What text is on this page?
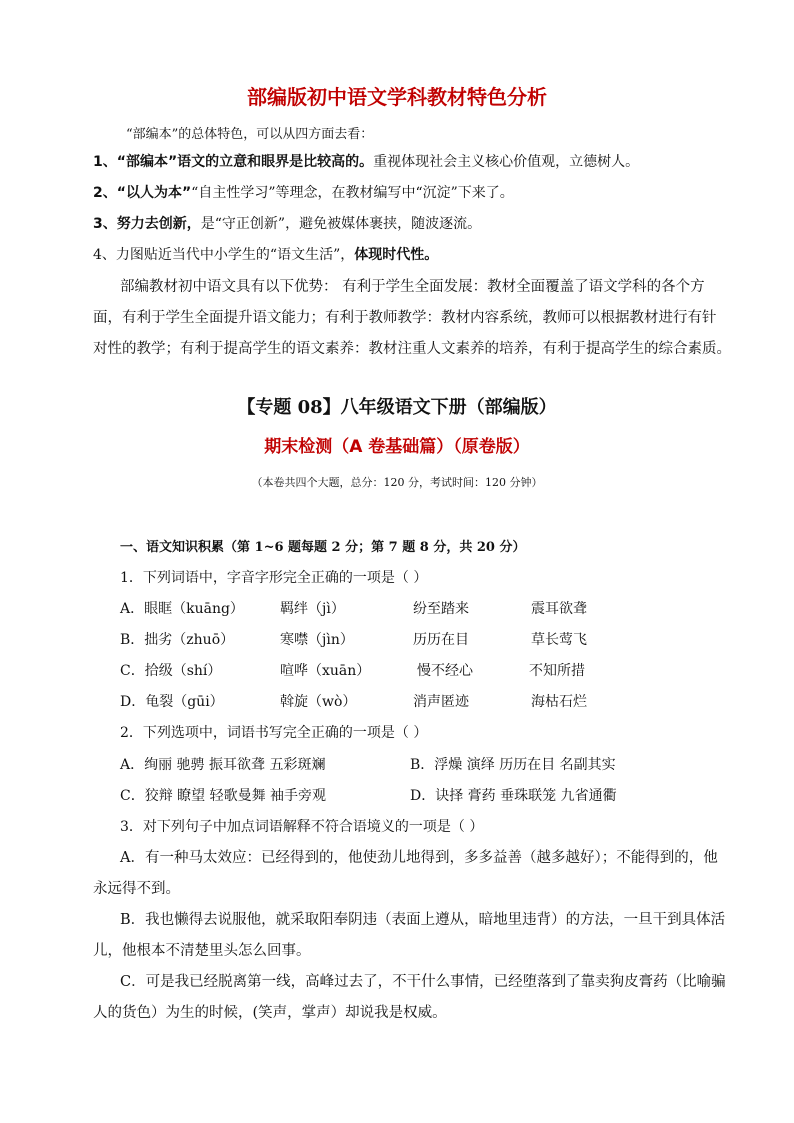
部编版初中语文学科教材特色分析
“部编本”的总体特色，可以从四方面去看：
1、“部编本”语文的立意和眼界是比较高的。重视体现社会主义核心价值观，立德树人。
2、“以人为本”“自主性学习”等理念，在教材编写中“沉淀”下来了。
3、努力去创新，是“守正创新”，避免被媒体裹挟，随波逐流。
4、力图贴近当代中小学生的“语文生活”，体现时代性。
部编教材初中语文具有以下优势： 有利于学生全面发展：教材全面覆盖了语文学科的各个方
面，有利于学生全面提升语文能力；有利于教师教学：教材内容系统，教师可以根据教材进行有针
对性的教学；有利于提高学生的语文素养：教材注重人文素养的培养，有利于提高学生的综合素质。
【专题 08】八年级语文下册（部编版）
期末检测（A 卷基础篇）（原卷版）
（本卷共四个大题，总分：120 分，考试时间：120 分钟）
一、语文知识积累（第 1~6 题每题 2 分；第 7 题 8 分，共 20 分）
1．下列词语中，字音字形完全正确的一项是（ ）
A．眼眶（kuāng）	羁绊（jì）	纷至踏来	震耳欲聋
B．拙劣（zhuō）	寒噤（jìn）	历历在目	草长莺飞
C．拾级（shí）	喧哗（xuān）	慢不经心	不知所措
D．龟裂（gūi）	斡旋（wò）	消声匿迹	海枯石烂
2．下列选项中，词语书写完全正确的一项是（ ）
A．绚丽 驰骋 振耳欲聋 五彩斑斓	B．浮燥 演绎 历历在目 名副其实
C．狡辩 瞭望 轻歌曼舞 袖手旁观	D．诀择 膏药 垂珠联笼 九省通衢
3．对下列句子中加点词语解释不符合语境义的一项是（ ）
A．有一种马太效应：已经得到的，他使劲儿地得到，多多益善（越多越好）；不能得到的，他
永远得不到。
B．我也懒得去说服他，就采取阳奉阴违（表面上遵从，暗地里违背）的方法，一旦干到具体活
儿，他根本不清楚里头怎么回事。
C．可是我已经脱离第一线，高峰过去了，不干什么事情，已经堕落到了靠卖狗皮膏药（比喻骗
人的货色）为生的时候，(笑声，掌声）却说我是权威。
